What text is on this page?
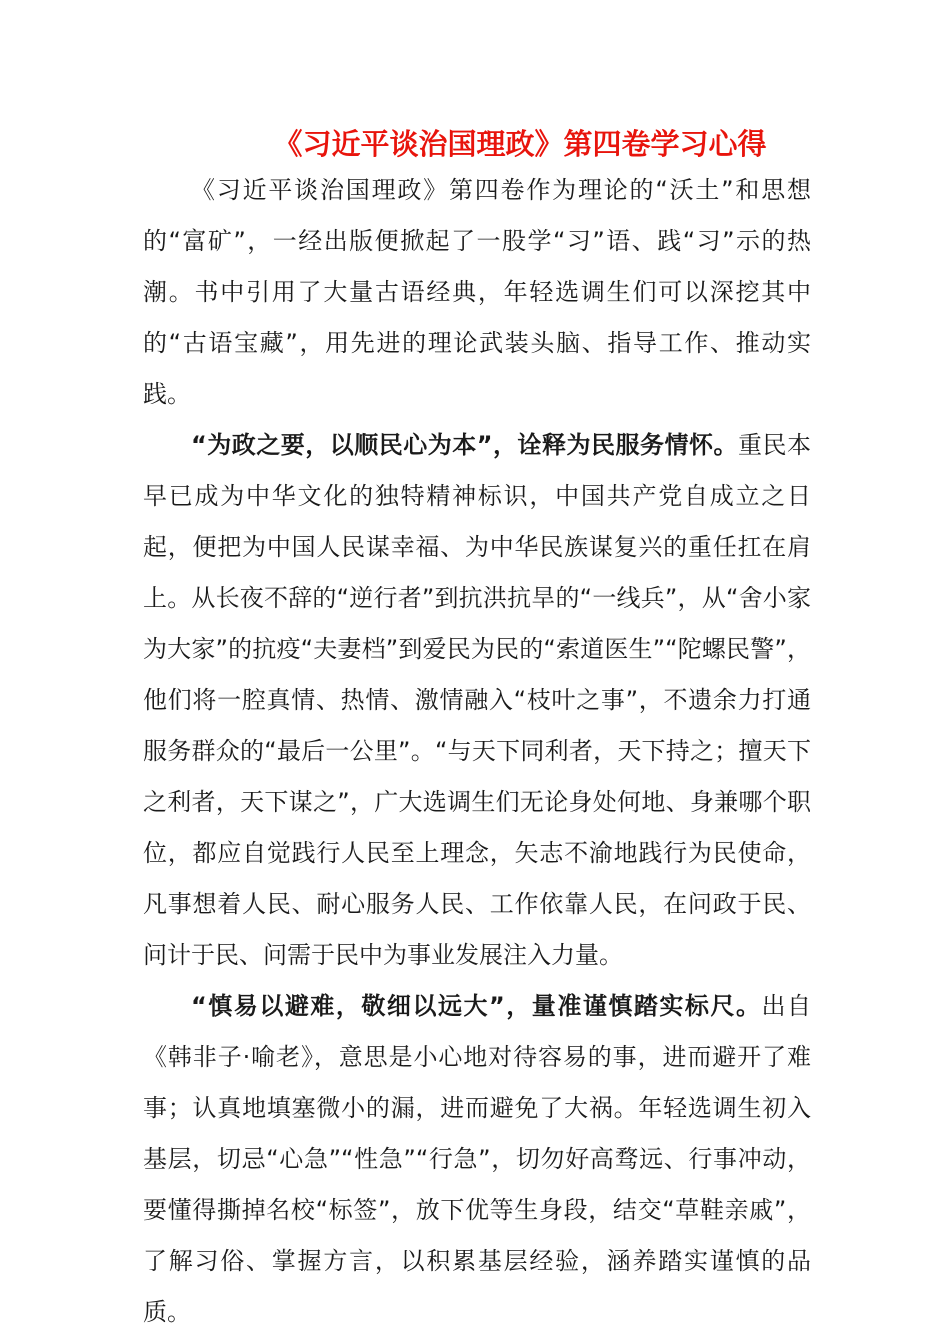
《习近平谈治国理政》第四卷学习心得

《习近平谈治国理政》第四卷作为理论的“沃土”和思想的“富矿”，一经出版便掀起了一股学“习”语、践“习”示的热潮。书中引用了大量古语经典，年轻选调生们可以深挖其中的“古语宝藏”，用先进的理论武装头脑、指导工作、推动实践。

“为政之要，以顺民心为本”，诠释为民服务情怀。重民本早已成为中华文化的独特精神标识，中国共产党自成立之日 起，便把为中国人民谋幸福、为中华民族谋复兴的重任扛在肩上。从长夜不辞的“逆行者”到抗洪抗旱的“一线兵”，从“舍小家为大家”的抗疫“夫妻档”到爱民为民的“索道医生”“陀螺民警”， 他们将一腔真情、热情、激情融入“枝叶之事”，不遗余力打通服务群众的“最后一公里”。“与天下同利者，天下持之；擅天下之利者，天下谋之”，广大选调生们无论身处何地、身兼哪个职位，都应自觉践行人民至上理念，矢志不渝地践行为民使命， 凡事想着人民、耐心服务人民、工作依靠人民，在问政于民、问计于民、问需于民中为事业发展注入力量。

“慎易以避难，敬细以远大”，量准谨慎踏实标尺。出自《韩非子·喻老》，意思是小心地对待容易的事，进而避开了难事；认真地填塞微小的漏，进而避免了大祸。年轻选调生初入基层，切忌“心急”“性急”“行急”，切勿好高骛远、行事冲动，要懂得撕掉名校“标签”，放下优等生身段，结交“草鞋亲戚”，了解习俗、掌握方言，以积累基层经验，涵养踏实谨慎的品质。
